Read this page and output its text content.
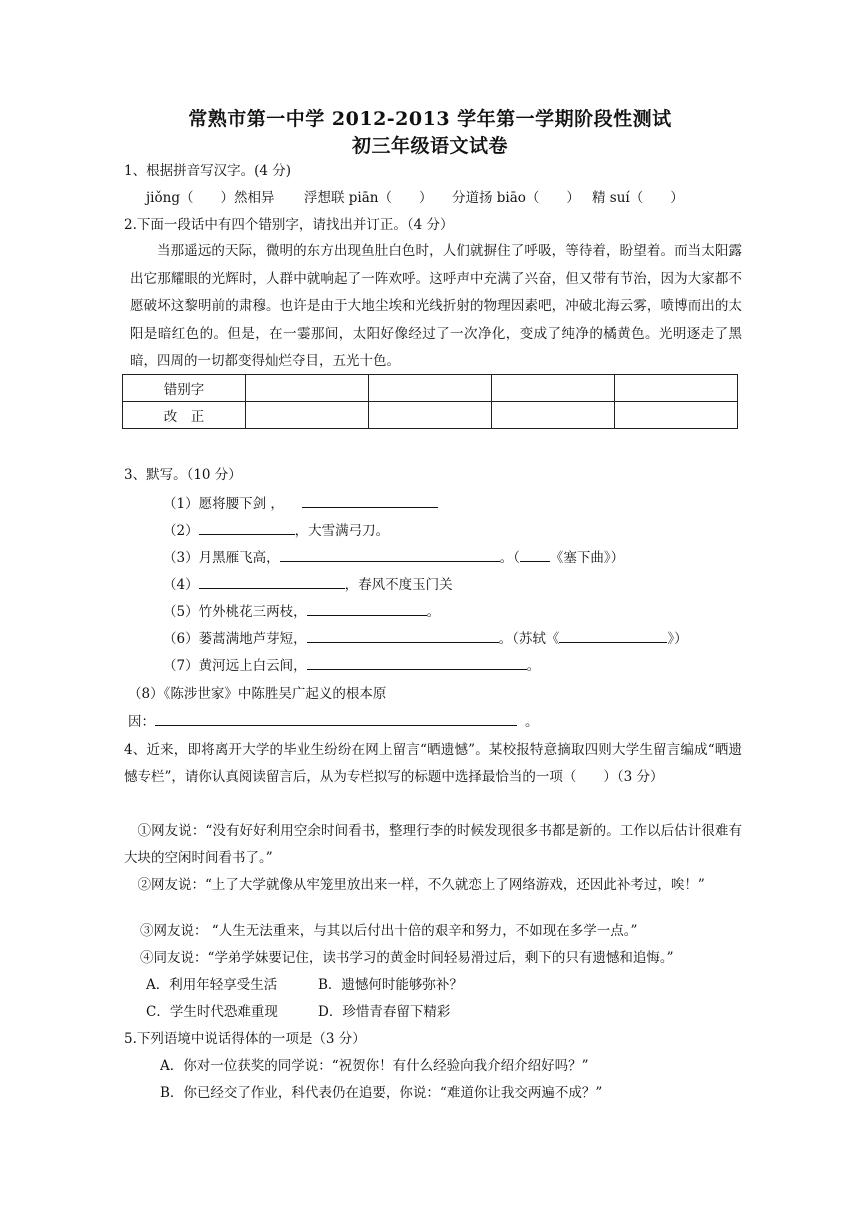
常熟市第一中学 2012-2013 学年第一学期阶段性测试
初三年级语文试卷
1、根据拼音写汉字。(4 分)
jiǒng（　　）然相异 浮想联 piān（　　） 分道扬 biāo（　　） 精 suí（　　）
2.下面一段话中有四个错别字，请找出并订正。（4 分）
当那遥远的天际，微明的东方出现鱼肚白色时，人们就摒住了呼吸，等待着，盼望着。而当太阳露出它那耀眼的光辉时，人群中就响起了一阵欢呼。这呼声中充满了兴奋，但又带有节治，因为大家都不愿破坏这黎明前的肃穆。也许是由于大地尘埃和光线折射的物理因素吧，冲破北海云雾，喷博而出的太阳是暗红色的。但是，在一霎那间，太阳好像经过了一次净化，变成了纯净的橘黄色。光明逐走了黑暗，四周的一切都变得灿烂夺目，五光十色。
错别字				
改　正				
3、默写。（10 分）
（1）愿将腰下剑 ，
（2）	，大雪满弓刀。
（3）月黑雁飞高，	。（ 《塞下曲》）
（4）	，春风不度玉门关
（5）竹外桃花三两枝，	。
（6）蒌蒿满地芦芽短，	。（苏轼《	》）
（7）黄河远上白云间，	。
（8）《陈涉世家》中陈胜吴广起义的根本原
因：	。
4、近来，即将离开大学的毕业生纷纷在网上留言“晒遗憾”。某校报特意摘取四则大学生留言编成“晒遗憾专栏”，请你认真阅读留言后，从为专栏拟写的标题中选择最恰当的一项（　　）（3 分）
①网友说：“没有好好利用空余时间看书，整理行李的时候发现很多书都是新的。工作以后估计很难有大块的空闲时间看书了。”
②网友说：“上了大学就像从牢笼里放出来一样，不久就恋上了网络游戏，还因此补考过，唉！”
③网友说： “人生无法重来，与其以后付出十倍的艰辛和努力，不如现在多学一点。”
④同友说：“学弟学妹要记住，读书学习的黄金时间轻易滑过后，剩下的只有遗憾和追悔。”
A．利用年轻享受生活	B．遗憾何时能够弥补？
C．学生时代恐难重现	D．珍惜青春留下精彩
5.下列语境中说话得体的一项是（3 分）
A．你对一位获奖的同学说：“祝贺你！有什么经验向我介绍介绍好吗？”
B．你已经交了作业，科代表仍在追要，你说：“难道你让我交两遍不成？”
